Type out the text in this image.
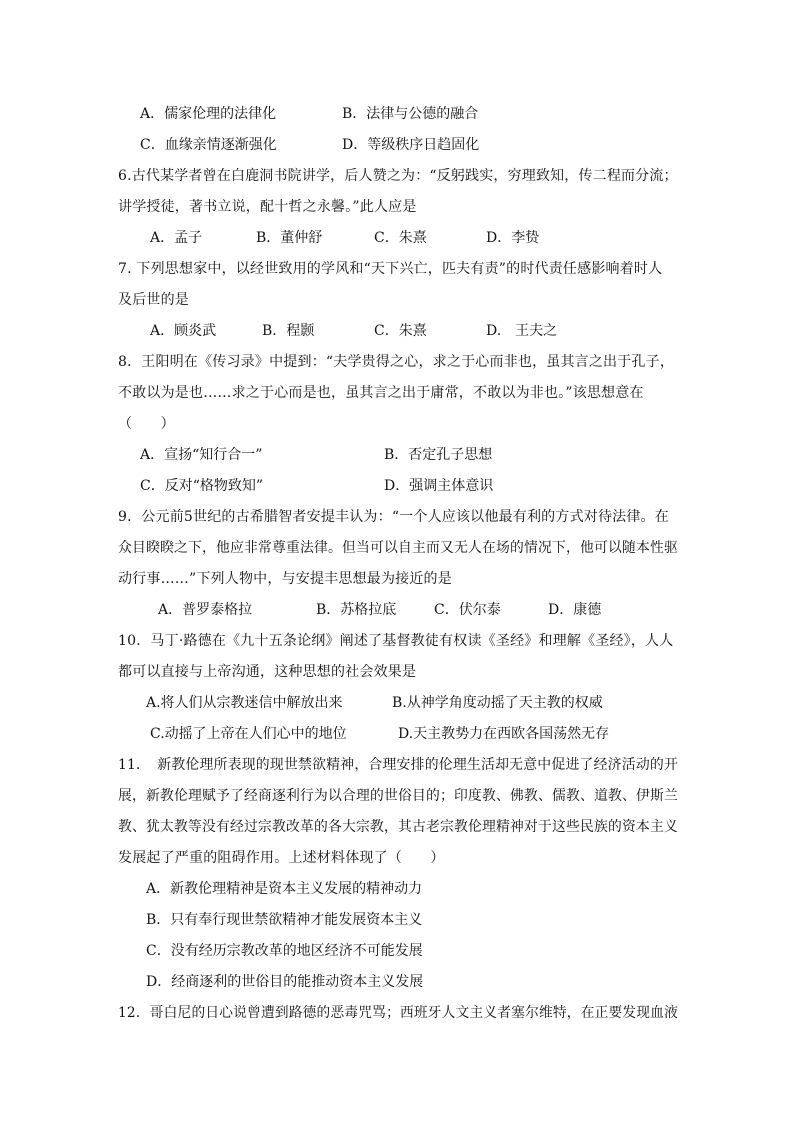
A．儒家伦理的法律化	B．法律与公德的融合
C．血缘亲情逐渐强化	D．等级秩序日趋固化
6.古代某学者曾在白鹿洞书院讲学，后人赞之为：“反躬践实，穷理致知，传二程而分流；
讲学授徒，著书立说，配十哲之永馨。”此人应是
A．孟子	B．董仲舒	C．朱熹	D．李贽
7. 下列思想家中，以经世致用的学风和“天下兴亡，匹夫有责”的时代责任感影响着时人
及后世的是
A．顾炎武	B．程颢	C．朱熹	D.　王夫之
8．王阳明在《传习录》中提到：“夫学贵得之心，求之于心而非也，虽其言之出于孔子，
不敢以为是也……求之于心而是也，虽其言之出于庸常，不敢以为非也。”该思想意在
（　　）
A．宣扬“知行合一”	B．否定孔子思想
C．反对“格物致知”	D．强调主体意识
9．公元前5世纪的古希腊智者安提丰认为：“一个人应该以他最有利的方式对待法律。在
众目睽睽之下，他应非常尊重法律。但当可以自主而又无人在场的情况下，他可以随本性驱
动行事……”下列人物中，与安提丰思想最为接近的是
A．普罗泰格拉	B．苏格拉底	C．伏尔泰	D．康德
10．马丁·路德在《九十五条论纲》阐述了基督教徒有权读《圣经》和理解《圣经》，人人
都可以直接与上帝沟通，这种思想的社会效果是
A.将人们从宗教迷信中解放出来	B.从神学角度动摇了天主教的权威
C.动摇了上帝在人们心中的地位	D.天主教势力在西欧各国荡然无存
11．　新教伦理所表现的现世禁欲精神，合理安排的伦理生活却无意中促进了经济活动的开
展，新教伦理赋予了经商逐利行为以合理的世俗目的；印度教、佛教、儒教、道教、伊斯兰
教、犹太教等没有经过宗教改革的各大宗教，其古老宗教伦理精神对于这些民族的资本主义
发展起了严重的阻碍作用。上述材料体现了（　　）
A．新教伦理精神是资本主义发展的精神动力
B．只有奉行现世禁欲精神才能发展资本主义
C．没有经历宗教改革的地区经济不可能发展
D．经商逐利的世俗目的能推动资本主义发展
12．哥白尼的日心说曾遭到路德的恶毒咒骂；西班牙人文主义者塞尔维特，在正要发现血液
